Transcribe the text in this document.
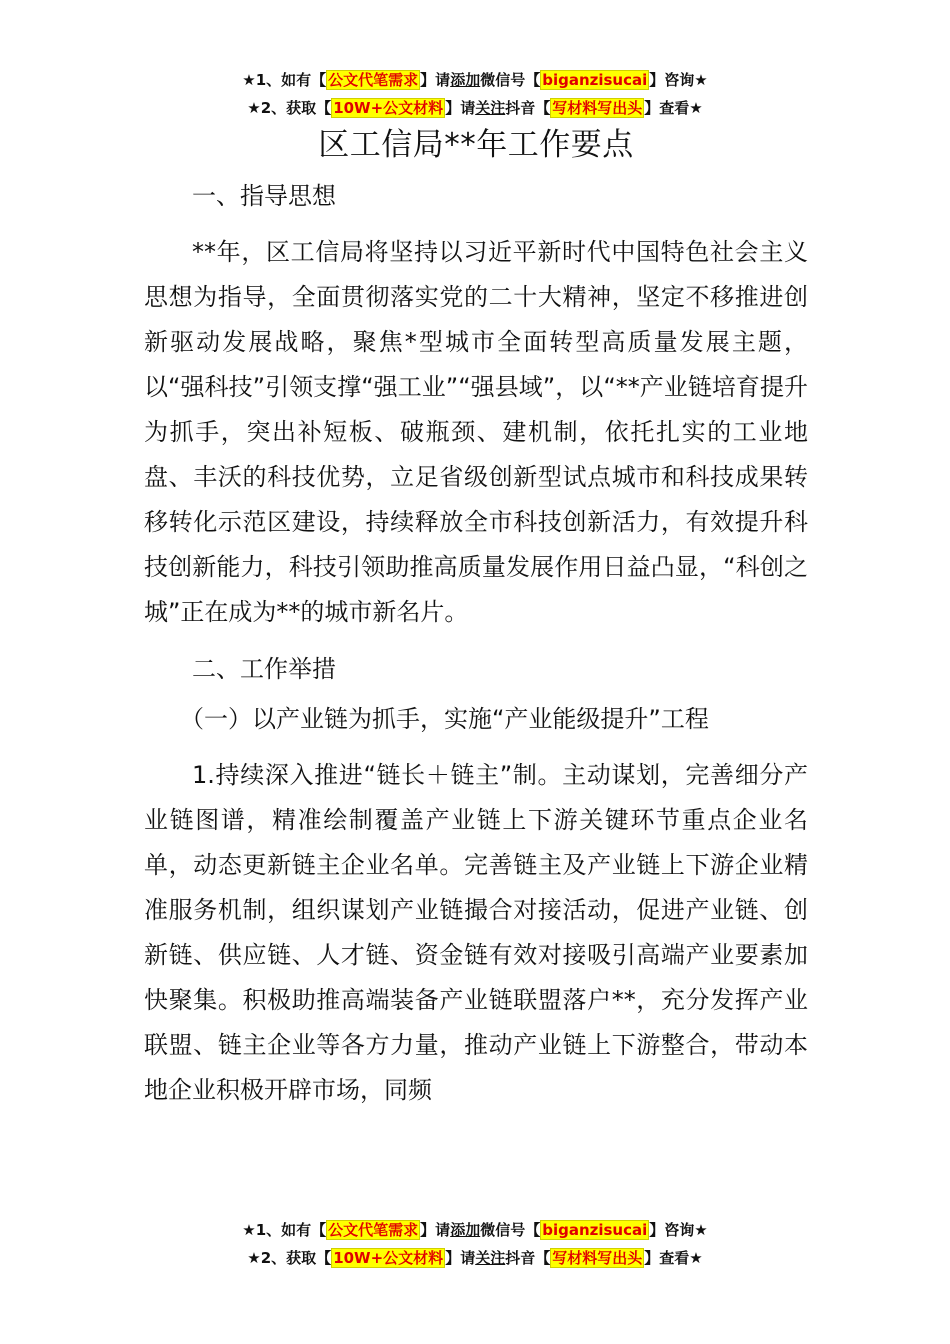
★1、如有【 公文代笔需求 】请添加微信号【 biganzisucai 】咨询★
★2、获取【 10W+公文材料 】请关注抖音【 写材料写出头 】查看★
区工信局**年工作要点
一、指导思想

**年，区工信局将坚持以习近平新时代中国特色社会主义思想为指导，全面贯彻落实党的二十大精神，坚定不移推进创新驱动发展战略，聚焦*型城市全面转型高质量发展主题，以“强科技”引领支撑“强工业”“强县域”，以“**产业链培育提升为抓手，突出补短板、破瓶颈、建机制，依托扎实的工业地盘、丰沃的科技优势，立足省级创新型试点城市和科技成果转移转化示范区建设，持续释放全市科技创新活力，有效提升科技创新能力，科技引领助推高质量发展作用日益凸显，“科创之城”正在成为**的城市新名片。

二、工作举措
（一）以产业链为抓手，实施“产业能级提升”工程

1.持续深入推进“链长＋链主”制。主动谋划，完善细分产业链图谱，精准绘制覆盖产业链上下游关键环节重点企业名单，动态更新链主企业名单。完善链主及产业链上下游企业精准服务机制，组织谋划产业链撮合对接活动，促进产业链、创新链、供应链、人才链、资金链有效对接吸引高端产业要素加快聚集。积极助推高端装备产业链联盟落户**，充分发挥产业联盟、链主企业等各方力量，推动产业链上下游整合，带动本地企业积极开辟市场，同频

★1、如有【 公文代笔需求 】请添加微信号【 biganzisucai 】咨询★
★2、获取【 10W+公文材料 】请关注抖音【 写材料写出头 】查看★
